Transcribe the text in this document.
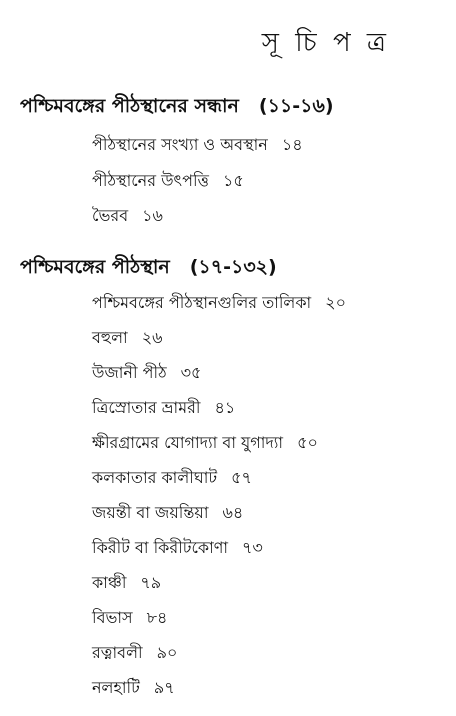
সূ চি প ত্র
পশ্চিমবঙ্গের পীঠস্থানের সন্ধান (১১-১৬)
পীঠস্থানের সংখ্যা ও অবস্থান ১৪
পীঠস্থানের উৎপত্তি ১৫
ভৈরব ১৬
পশ্চিমবঙ্গের পীঠস্থান (১৭-১৩২)
পশ্চিমবঙ্গের পীঠস্থানগুলির তালিকা ২০
বহুলা ২৬
উজানী পীঠ ৩৫
ত্রিস্রোতার ভ্রামরী ৪১
ক্ষীরগ্রামের যোগাদ্যা বা যুগাদ্যা ৫০
কলকাতার কালীঘাট ৫৭
জয়ন্তী বা জয়ন্তিয়া ৬৪
কিরীট বা কিরীটকোণা ৭৩
কাঞ্চী ৭৯
বিভাস ৮৪
রত্নাবলী ৯০
নলহাটি ৯৭
